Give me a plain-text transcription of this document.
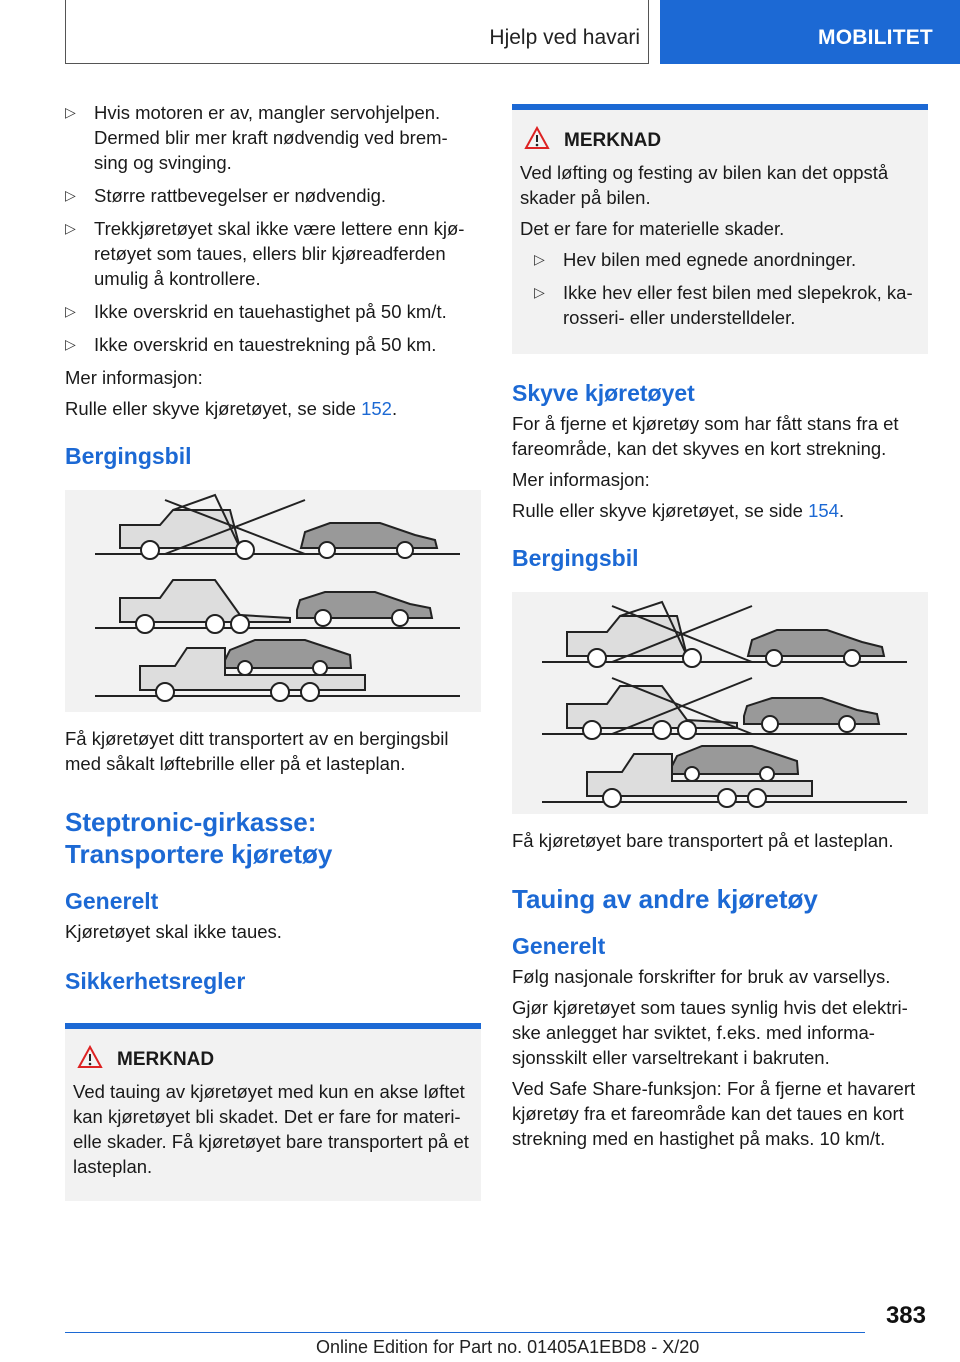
Hjelp ved havari	MOBILITET
▷ Hvis motoren er av, mangler servohjelpen. Dermed blir mer kraft nødvendig ved brem-sing og svinging.
▷ Større rattbevegelser er nødvendig.
▷ Trekkjøretøyet skal ikke være lettere enn kjø-retøyet som taues, ellers blir kjøreadferden umulig å kontrollere.
▷ Ikke overskrid en tauehastighet på 50 km/t.
▷ Ikke overskrid en tauestrekning på 50 km.

Mer informasjon:

Rulle eller skyve kjøretøyet, se side 152.

Bergingsbil

Få kjøretøyet ditt transportert av en bergingsbil med såkalt løftebrille eller på et lasteplan.

Steptronic-girkasse:
Transportere kjøretøy
Generelt

Kjøretøyet skal ikke taues.

Sikkerhetsregler
MERKNAD

Ved tauing av kjøretøyet med kun en akse løftet kan kjøretøyet bli skadet. Det er fare for materi-elle skader. Få kjøretøyet bare transportert på et lasteplan.

MERKNAD

Ved løfting og festing av bilen kan det oppstå skader på bilen.

Det er fare for materielle skader.

▷ Hev bilen med egnede anordninger.
▷ Ikke hev eller fest bilen med slepekrok, ka-rosseri- eller understelldeler.
Skyve kjøretøyet

For å fjerne et kjøretøy som har fått stans fra et fareområde, kan det skyves en kort strekning.

Mer informasjon:

Rulle eller skyve kjøretøyet, se side 154.

Bergingsbil

Få kjøretøyet bare transportert på et lasteplan.

Tauing av andre kjøretøy
Generelt

Følg nasjonale forskrifter for bruk av varsellys.

Gjør kjøretøyet som taues synlig hvis det elektri-ske anlegget har sviktet, f.eks. med informa-sjonsskilt eller varseltrekant i bakruten.

Ved Safe Share-funksjon: For å fjerne et havarert kjøretøy fra et fareområde kan det taues en kort strekning med en hastighet på maks. 10 km/t.

383
Online Edition for Part no. 01405A1EBD8 - X/20
